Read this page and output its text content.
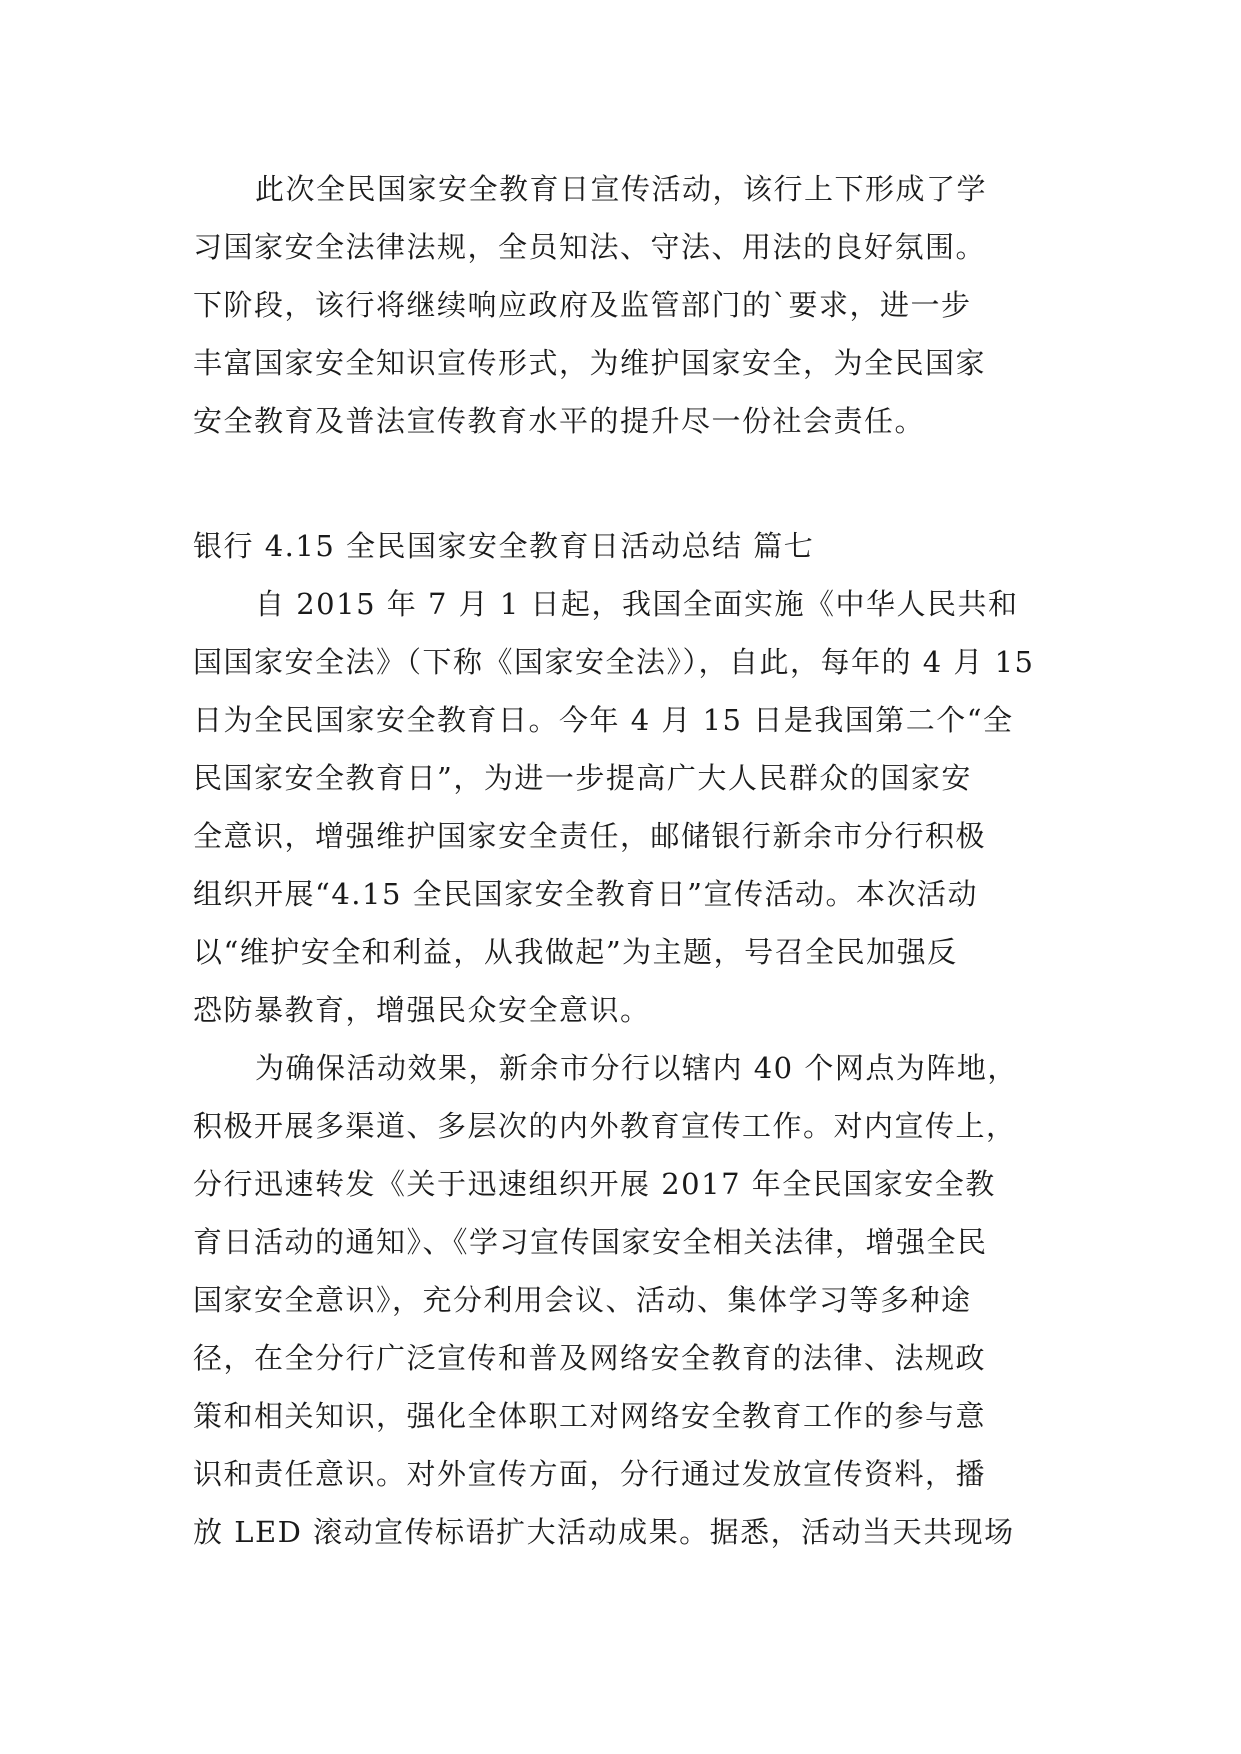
此次全民国家安全教育日宣传活动，该行上下形成了学
习国家安全法律法规，全员知法、守法、用法的良好氛围。
下阶段，该行将继续响应政府及监管部门的`要求，进一步
丰富国家安全知识宣传形式，为维护国家安全，为全民国家
安全教育及普法宣传教育水平的提升尽一份社会责任。
银行 4.15 全民国家安全教育日活动总结 篇七
自 2015 年 7 月 1 日起，我国全面实施《中华人民共和
国国家安全法》（下称《国家安全法》），自此，每年的 4 月 15
日为全民国家安全教育日。今年 4 月 15 日是我国第二个“全
民国家安全教育日”，为进一步提高广大人民群众的国家安
全意识，增强维护国家安全责任，邮储银行新余市分行积极
组织开展“4.15 全民国家安全教育日”宣传活动。本次活动
以“维护安全和利益，从我做起”为主题，号召全民加强反
恐防暴教育，增强民众安全意识。
为确保活动效果，新余市分行以辖内 40 个网点为阵地，
积极开展多渠道、多层次的内外教育宣传工作。对内宣传上，
分行迅速转发《关于迅速组织开展 2017 年全民国家安全教
育日活动的通知》、《学习宣传国家安全相关法律，增强全民
国家安全意识》，充分利用会议、活动、集体学习等多种途
径，在全分行广泛宣传和普及网络安全教育的法律、法规政
策和相关知识，强化全体职工对网络安全教育工作的参与意
识和责任意识。对外宣传方面，分行通过发放宣传资料，播
放 LED 滚动宣传标语扩大活动成果。据悉，活动当天共现场
